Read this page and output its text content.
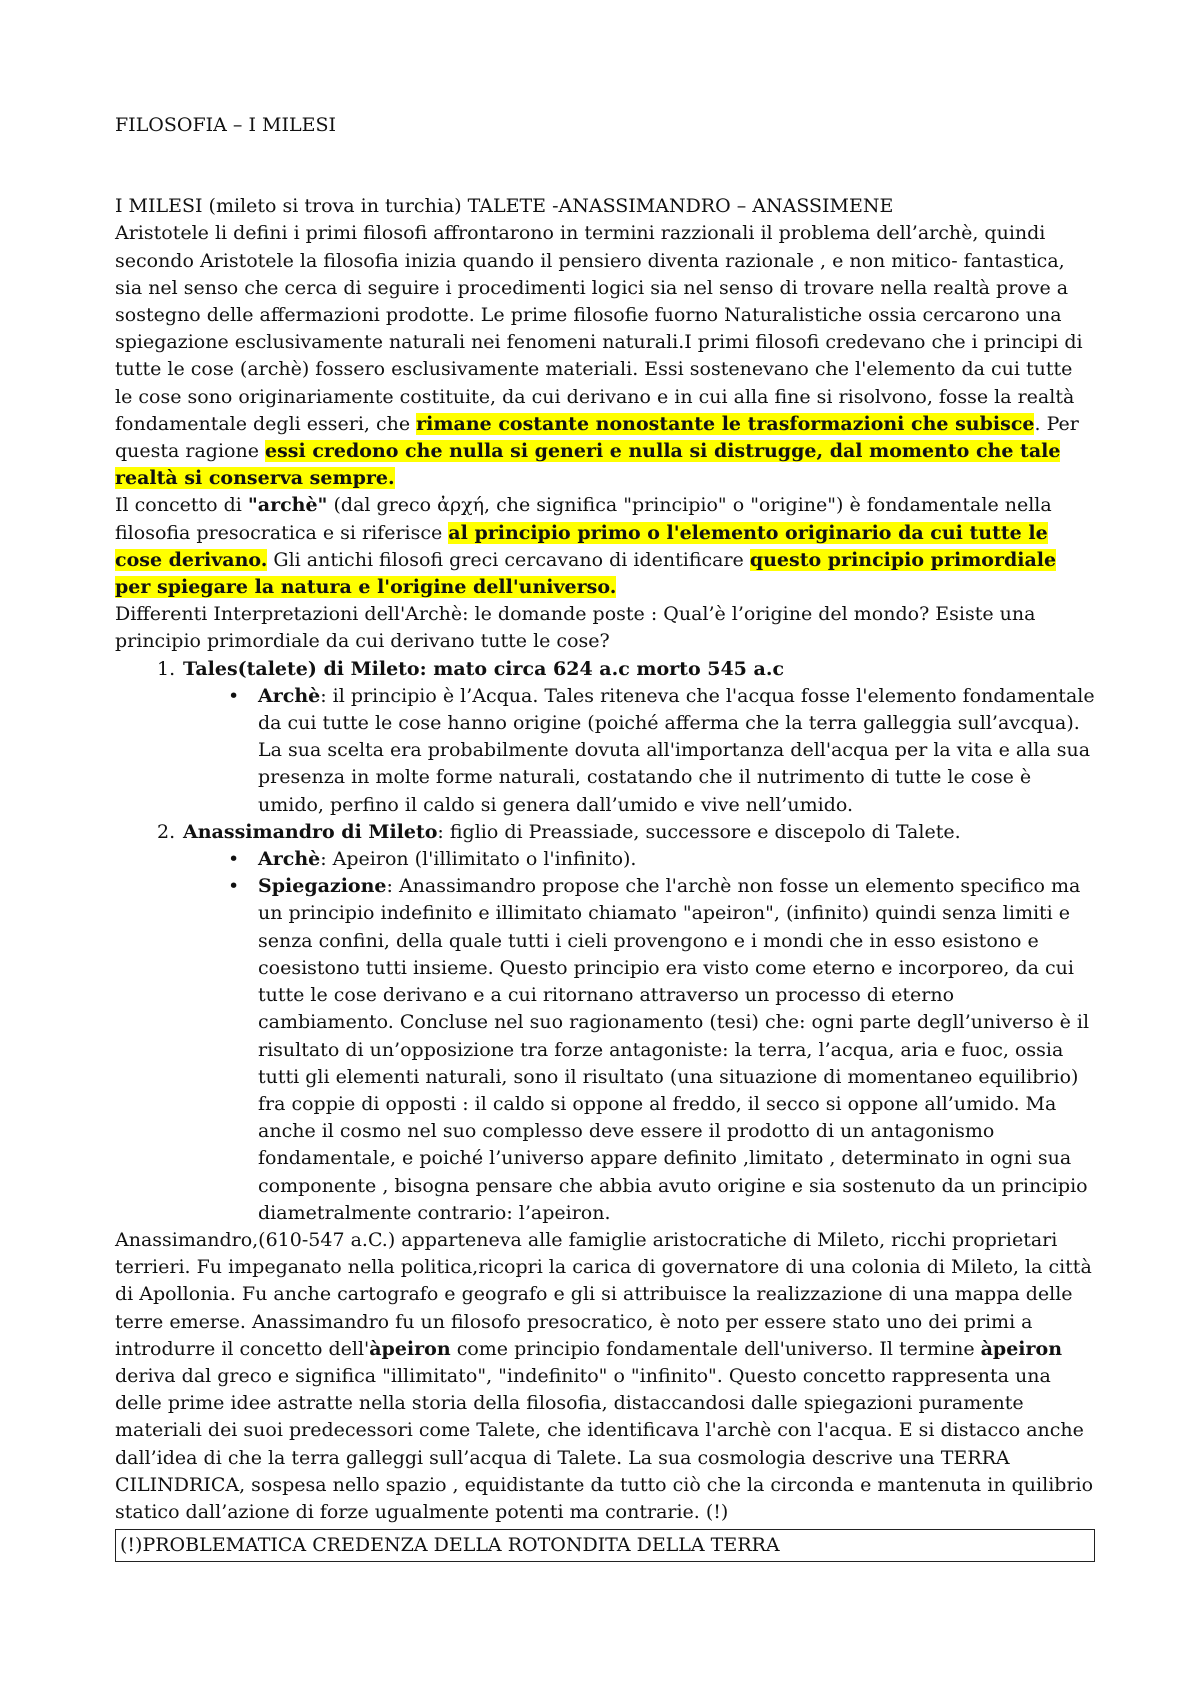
FILOSOFIA – I MILESI

I MILESI (mileto si trova in turchia) TALETE -ANASSIMANDRO – ANASSIMENE

Aristotele li defini i primi filosofi affrontarono in termini razzionali il problema dell’archè, quindi secondo Aristotele la filosofia inizia quando il pensiero diventa razionale , e non mitico- fantastica, sia nel senso che cerca di seguire i procedimenti logici sia nel senso di trovare nella realtà prove a sostegno delle affermazioni prodotte. Le prime filosofie fuorno Naturalistiche ossia cercarono una spiegazione esclusivamente naturali nei fenomeni naturali.I primi filosofi credevano che i principi di tutte le cose (archè) fossero esclusivamente materiali. Essi sostenevano che l'elemento da cui tutte le cose sono originariamente costituite, da cui derivano e in cui alla fine si risolvono, fosse la realtà fondamentale degli esseri, che rimane costante nonostante le trasformazioni che subisce. Per questa ragione essi credono che nulla si generi e nulla si distrugge, dal momento che tale realtà si conserva sempre.

Il concetto di "archè" (dal greco ἀρχή, che significa "principio" o "origine") è fondamentale nella filosofia presocratica e si riferisce al principio primo o l'elemento originario da cui tutte le cose derivano. Gli antichi filosofi greci cercavano di identificare questo principio primordiale per spiegare la natura e l'origine dell'universo.

Differenti Interpretazioni dell'Archè: le domande poste : Qual’è l’origine del mondo? Esiste una principio primordiale da cui derivano tutte le cose?

1. Tales(talete) di Mileto: mato circa 624 a.c morto 545 a.c
• Archè: il principio è l’Acqua. Tales riteneva che l'acqua fosse l'elemento fondamentale da cui tutte le cose hanno origine (poiché afferma che la terra galleggia sull’avcqua). La sua scelta era probabilmente dovuta all'importanza dell'acqua per la vita e alla sua presenza in molte forme naturali, costatando che il nutrimento di tutte le cose è umido, perfino il caldo si genera dall’umido e vive nell’umido.
2. Anassimandro di Mileto: figlio di Preassiade, successore e discepolo di Talete.
• Archè: Apeiron (l'illimitato o l'infinito).
• Spiegazione: Anassimandro propose che l'archè non fosse un elemento specifico ma un principio indefinito e illimitato chiamato "apeiron", (infinito) quindi senza limiti e senza confini, della quale tutti i cieli provengono e i mondi che in esso esistono e coesistono tutti insieme. Questo principio era visto come eterno e incorporeo, da cui tutte le cose derivano e a cui ritornano attraverso un processo di eterno cambiamento. Concluse nel suo ragionamento (tesi) che: ogni parte degll’universo è il risultato di un’opposizione tra forze antagoniste: la terra, l’acqua, aria e fuoc, ossia tutti gli elementi naturali, sono il risultato (una situazione di momentaneo equilibrio) fra coppie di opposti : il caldo si oppone al freddo, il secco si oppone all’umido. Ma anche il cosmo nel suo complesso deve essere il prodotto di un antagonismo fondamentale, e poiché l’universo appare definito ,limitato , determinato in ogni sua componente , bisogna pensare che abbia avuto origine e sia sostenuto da un principio diametralmente contrario: l’apeiron.

Anassimandro,(610-547 a.C.) apparteneva alle famiglie aristocratiche di Mileto, ricchi proprietari terrieri. Fu impeganato nella politica,ricopri la carica di governatore di una colonia di Mileto, la città di Apollonia. Fu anche cartografo e geografo e gli si attribuisce la realizzazione di una mappa delle terre emerse. Anassimandro fu un filosofo presocratico, è noto per essere stato uno dei primi a introdurre il concetto dell'àpeiron come principio fondamentale dell'universo. Il termine àpeiron deriva dal greco e significa "illimitato", "indefinito" o "infinito". Questo concetto rappresenta una delle prime idee astratte nella storia della filosofia, distaccandosi dalle spiegazioni puramente materiali dei suoi predecessori come Talete, che identificava l'archè con l'acqua. E si distacco anche dall’idea di che la terra galleggi sull’acqua di Talete. La sua cosmologia descrive una TERRA CILINDRICA, sospesa nello spazio , equidistante da tutto ciò che la circonda e mantenuta in quilibrio statico dall’azione di forze ugualmente potenti ma contrarie. (!)

(!)PROBLEMATICA CREDENZA DELLA ROTONDITA DELLA TERRA
